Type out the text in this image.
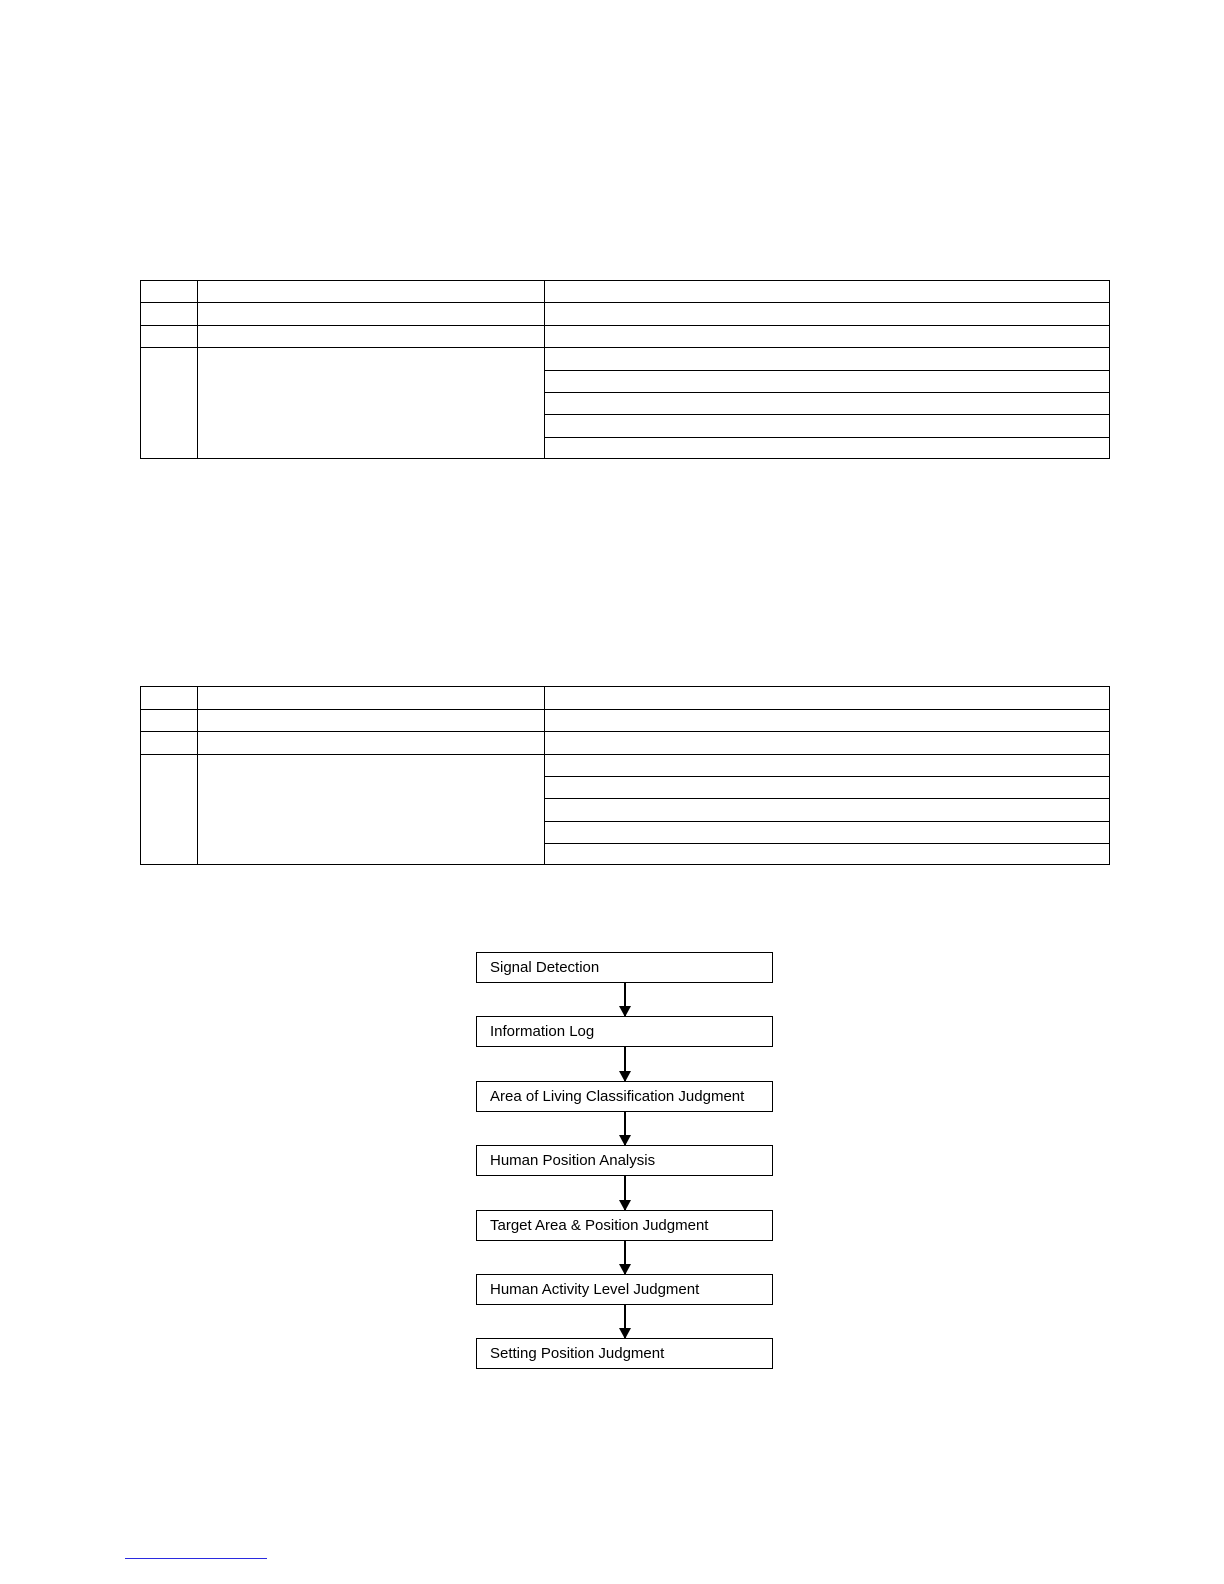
Signal Detection
Information Log
Area of Living Classification Judgment
Human Position Analysis
Target Area & Position Judgment
Human Activity Level Judgment
Setting Position Judgment
